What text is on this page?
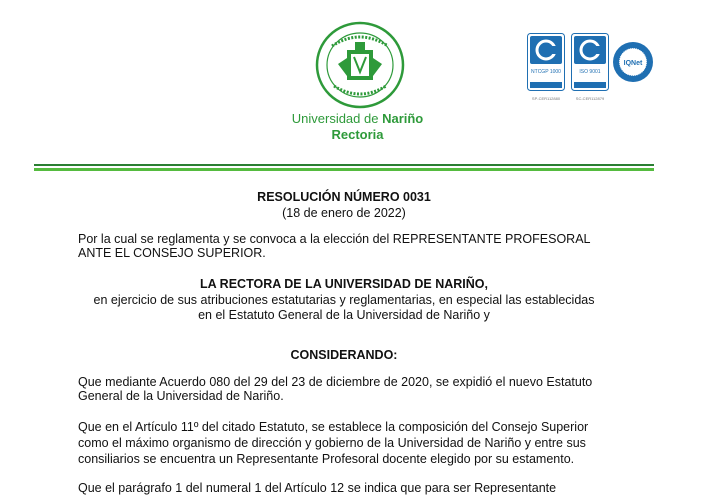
Universidad de Nariño
Rectoria
NTCGP 1000	ISO 9001
IQNet
SP-CER112880	SC-CER112879
RESOLUCIÓN NÚMERO 0031
(18 de enero de 2022)
Por la cual se reglamenta y se convoca a la elección del REPRESENTANTE PROFESORAL
ANTE EL CONSEJO SUPERIOR.
LA RECTORA DE LA UNIVERSIDAD DE NARIÑO,
en ejercicio de sus atribuciones estatutarias y reglamentarias, en especial las establecidas
en el Estatuto General de la Universidad de Nariño y
CONSIDERANDO:
Que mediante Acuerdo 080 del 29 del 23 de diciembre de 2020, se expidió el nuevo Estatuto
General de la Universidad de Nariño.
Que en el Artículo 11º del citado Estatuto, se establece la composición del Consejo Superior
como el máximo organismo de dirección y gobierno de la Universidad de Nariño y entre sus
consiliarios se encuentra un Representante Profesoral docente elegido por su estamento.
Que el parágrafo 1 del numeral 1 del Artículo 12 se indica que para ser Representante
